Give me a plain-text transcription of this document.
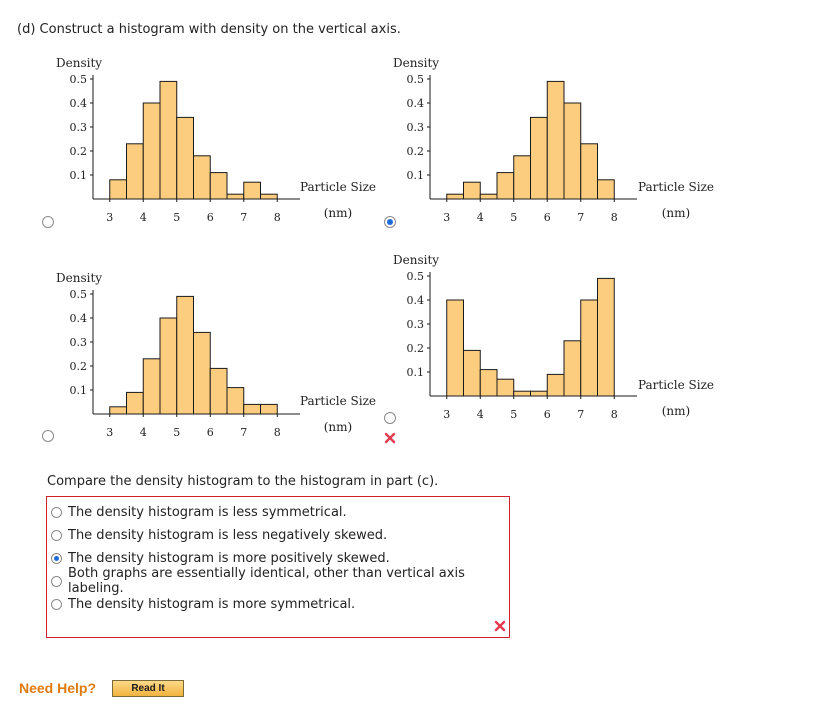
(d) Construct a histogram with density on the vertical axis.
Density
0.5
0.4
0.3
0.2
0.1
3 4 5 6 7 8
Particle Size
(nm)
Density
0.5
0.4
0.3
0.2
0.1
3 4 5 6 7 8
Particle Size
(nm)
Density
0.5
0.4
0.3
0.2
0.1
3 4 5 6 7 8
Particle Size
(nm)
Density
0.5
0.4
0.3
0.2
0.1
3 4 5 6 7 8
Particle Size
(nm)
Compare the density histogram to the histogram in part (c).
The density histogram is less symmetrical.
The density histogram is less negatively skewed.
The density histogram is more positively skewed.
Both graphs are essentially identical, other than vertical axis labeling.
The density histogram is more symmetrical.
Need Help?	Read It
